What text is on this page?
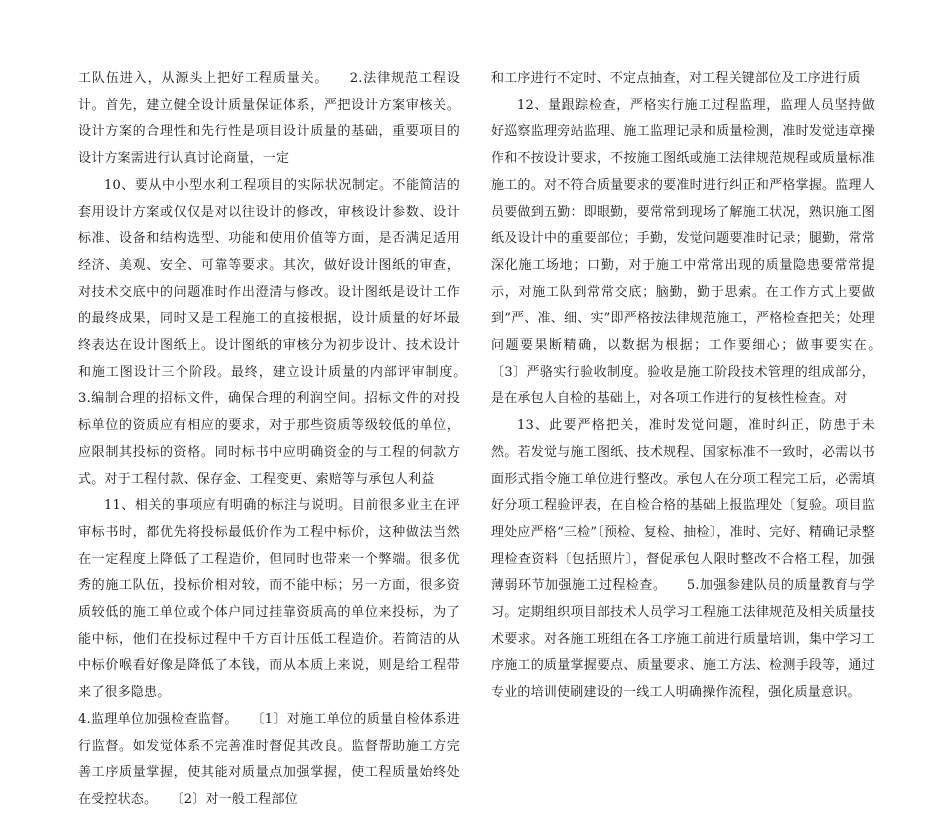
工队伍进入，从源头上把好工程质量关。　　2.法律规范工程设计。首先，建立健全设计质量保证体系，严把设计方案审核关。设计方案的合理性和先行性是项目设计质量的基础，重要项目的设计方案需进行认真讨论商量，一定

10、要从中小型水利工程项目的实际状况制定。不能简洁的套用设计方案或仅仅是对以往设计的修改，审核设计参数、设计标准、设备和结构选型、功能和使用价值等方面，是否满足适用经济、美观、安全、可靠等要求。其次，做好设计图纸的审查，对技术交底中的问题准时作出澄清与修改。设计图纸是设计工作的最终成果，同时又是工程施工的直接根据，设计质量的好坏最终表达在设计图纸上。设计图纸的审核分为初步设计、技术设计和施工图设计三个阶段。最终，建立设计质量的内部评审制度。　　3.编制合理的招标文件，确保合理的利润空间。招标文件的对投标单位的资质应有相应的要求，对于那些资质等级较低的单位，应限制其投标的资格。同时标书中应明确资金的与工程的伺款方式。对于工程付款、保存金、工程变更、索赔等与承包人利益

11、相关的事项应有明确的标注与说明。目前很多业主在评审标书时，都优先将投标最低价作为工程中标价，这种做法当然在一定程度上降低了工程造价，但同时也带来一个弊端。很多优秀的施工队伍，投标价相对较，而不能中标；另一方面，很多资质较低的施工单位或个体户同过挂靠资质高的单位来投标，为了能中标，他们在投标过程中千方百计压低工程造价。若简洁的从中标价喉看好像是降低了本钱，而从本质上来说，则是给工程带来了很多隐患。

4.监理单位加强检查监督。　　〔1〕对施工单位的质量自检体系进行监督。如发觉体系不完善准时督促其改良。监督帮助施工方完善工序质量掌握，使其能对质量点加强掌握，使工程质量始终处在受控状态。　　〔2〕对一般工程部位

和工序进行不定时、不定点抽查，对工程关键部位及工序进行质

12、量跟踪检查，严格实行施工过程监理，监理人员坚持做好巡察监理旁站监理、施工监理记录和质量检测，准时发觉违章操作和不按设计要求，不按施工图纸或施工法律规范规程或质量标准施工的。对不符合质量要求的要准时进行纠正和严格掌握。监理人员要做到五勤：即眼勤，要常常到现场了解施工状况，熟识施工图纸及设计中的重要部位；手勤，发觉问题要准时记录；腿勤，常常深化施工场地；口勤，对于施工中常常出现的质量隐患要常常提示，对施工队到常常交底；脑勤，勤于思索。在工作方式上要做到“严、准、细、实”即严格按法律规范施工，严格检查把关；处理问题要果断精确，以数据为根据；工作要细心；做事要实在。　　〔3〕严骆实行验收制度。验收是施工阶段技术管理的组成部分，是在承包人自检的基础上，对各项工作进行的复核性检查。对

13、此要严格把关，准时发觉问题，准时纠正，防患于未然。若发觉与施工图纸、技术规程、国家标准不一致时，必需以书面形式指令施工单位进行整改。承包人在分项工程完工后，必需填好分项工程验评表，在自检合格的基础上报监理处〔复验。项目监理处应严格“三检”〔预检、复检、抽检〕，准时、完好、精确记录整理检查资料〔包括照片〕，督促承包人限时整改不合格工程，加强薄弱环节加强施工过程检查。　　5.加强参建队员的质量教育与学习。定期组织项目部技术人员学习工程施工法律规范及相关质量技术要求。对各施工班组在各工序施工前进行质量培训，集中学习工序施工的质量掌握要点、质量要求、施工方法、检测手段等，通过专业的培训使刷建设的一线工人明确操作流程，强化质量意识。
